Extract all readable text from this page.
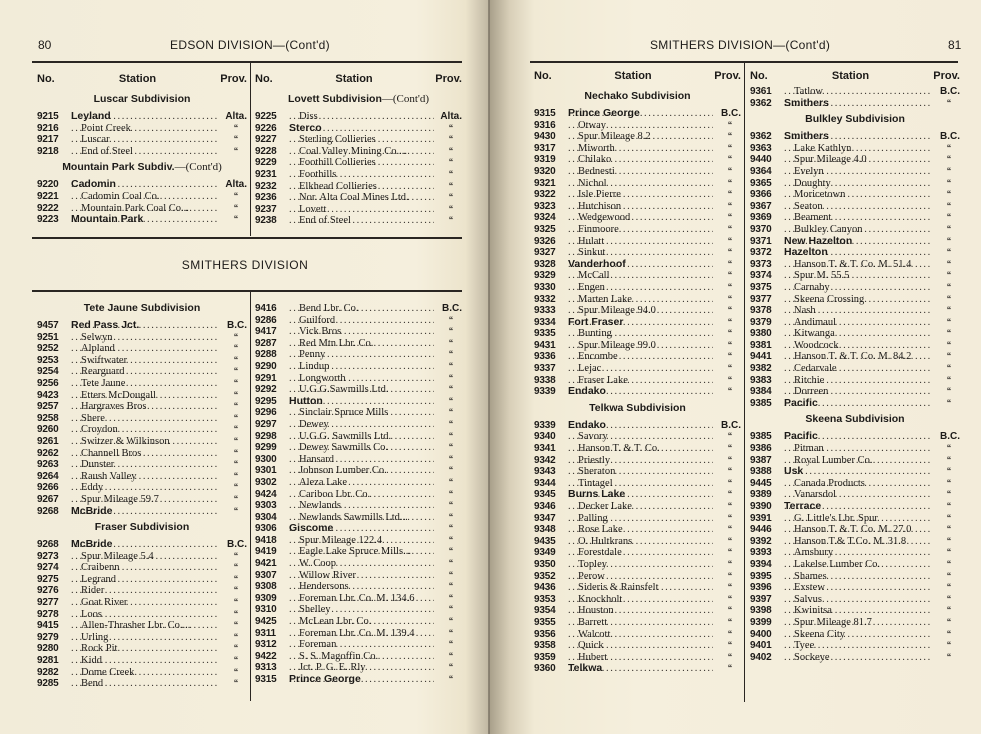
80	EDSON DIVISION—(Cont'd)
No.	Station	Prov.
Luscar Subdivision
9215	Leyland .....	Alta.
9216	Point Creek .....	“
9217	Luscar .....	“
9218	End of Steel .....	“
Mountain Park Subdiv.—(Cont'd)
9220	Cadomin .....	Alta.
9221	Cadomin Coal Co. .....	“
9222	Mountain Park Coal Co... .....	“
9223	Mountain Park .....	“
No.	Station	Prov.
Lovett Subdivision—(Cont'd)
9225	Diss .....	Alta.
9226	Sterco .....	“
9227	Sterling Collieries .....	“
9228	Coal Valley Mining Co.... .....	“
9229	Foothill Collieries .....	“
9231	Foothills .....	“
9232	Elkhead Collieries .....	“
9236	Nor. Alta Coal Mines Ltd. .....	“
9237	Lovett .....	“
9238	End of Steel .....	“
SMITHERS DIVISION
Tete Jaune Subdivision
9457	Red Pass Jct. .....	B.C.
9251	Selwyn .....	“
9252	Alpland .....	“
9253	Swiftwater .....	“
9254	Rearguard .....	“
9256	Tete Jaune .....	“
9423	Etters McDougall .....	“
9257	Hargraves Bros .....	“
9258	Shere .....	“
9260	Croydon .....	“
9261	Switzer & Wilkinson .....	“
9262	Channell Bros .....	“
9263	Dunster .....	“
9264	Raush Valley .....	“
9266	Eddy .....	“
9267	Spur Mileage 59.7 .....	“
9268	McBride .....	“
Fraser Subdivision
9268	McBride .....	B.C.
9273	Spur Mileage 5.4 .....	“
9274	Craibenn .....	“
9275	Legrand .....	“
9276	Rider .....	“
9277	Goat River .....	“
9278	Loos .....	“
9415	Allen-Thrasher Lbr. Co.... .....	“
9279	Urling .....	“
9280	Rock Pit .....	“
9281	Kidd .....	“
9282	Dome Creek .....	“
9285	Bend .....	“
9416	Bend Lbr. Co. .....	B.C.
9286	Guilford .....	“
9417	Vick Bros .....	“
9287	Red Mtn Lbr. Co. .....	“
9288	Penny .....	“
9290	Lindup .....	“
9291	Longworth .....	“
9292	U.G.G.Sawmills Ltd. .....	“
9295	Hutton .....	“
9296	Sinclair Spruce Mills .....	“
9297	Dewey .....	“
9298	U.G.G. Sawmills Ltd. .....	“
9299	Dewey Sawmills Co. .....	“
9300	Hansard .....	“
9301	Johnson Lumber Co. .....	“
9302	Aleza Lake .....	“
9424	Cariboo Lbr. Co. .....	“
9303	Newlands .....	“
9304	Newlands Sawmills Ltd... .....	“
9306	Giscome .....	“
9418	Spur Mileage 122.4 .....	“
9419	Eagle Lake Spruce Mills... .....	“
9421	W. Coop .....	“
9307	Willow River .....	“
9308	Hendersons .....	“
9309	Foreman Lbr. Co. M. 134.6 .....	“
9310	Shelley .....	“
9425	McLean Lbr. Co. .....	“
9311	Foreman Lbr. Co. M. 139.4 .....	“
9312	Foreman .....	“
9422	S. S. Magoffin Co. .....	“
9313	Jct. P. G. E. Rly .....	“
9315	Prince George .....	“
SMITHERS DIVISION—(Cont'd)	81
No.	Station	Prov.
Nechako Subdivision
9315	Prince George .....	B.C.
9316	Otway .....	“
9430	Spur Mileage 8.2 .....	“
9317	Miworth .....	“
9319	Chilako .....	“
9320	Bednesti .....	“
9321	Nichol .....	“
9322	Isle Pierre .....	“
9323	Hutchison .....	“
9324	Wedgewood .....	“
9325	Finmoore .....	“
9326	Hulatt .....	“
9327	Sinkut .....	“
9328	Vanderhoof .....	“
9329	McCall .....	“
9330	Engen .....	“
9332	Marten Lake .....	“
9333	Spur Mileage 94.0 .....	“
9334	Fort Fraser .....	“
9335	Bunting .....	“
9431	Spur Mileage 99.0 .....	“
9336	Encombe .....	“
9337	Lejac .....	“
9338	Fraser Lake .....	“
9339	Endako .....	“
Telkwa Subdivision
9339	Endako .....	B.C.
9340	Savory .....	“
9341	Hanson T. & T. Co. .....	“
9342	Priestly .....	“
9343	Sheraton .....	“
9344	Tintagel .....	“
9345	Burns Lake .....	“
9346	Decker Lake .....	“
9347	Palling .....	“
9348	Rose Lake .....	“
9435	O. Hultkrans .....	“
9349	Forestdale .....	“
9350	Topley .....	“
9352	Perow .....	“
9436	Sideris & Rainsfelt .....	“
9353	Knockholt .....	“
9354	Houston .....	“
9355	Barrett .....	“
9356	Walcott .....	“
9358	Quick .....	“
9359	Hubert .....	“
9360	Telkwa .....	“
No.	Station	Prov.
9361	Tatlow .....	B.C.
9362	Smithers .....	“
Bulkley Subdivision
9362	Smithers .....	B.C.
9363	Lake Kathlyn .....	“
9440	Spur Mileage 4.0 .....	“
9364	Evelyn .....	“
9365	Doughty .....	“
9366	Moricetown .....	“
9367	Seaton .....	“
9369	Beament .....	“
9370	Bulkley Canyon .....	“
9371	New Hazelton .....	“
9372	Hazelton .....	“
9373	Hanson T. & T. Co. M. 51.4 .....	“
9374	Spur M. 55.5 .....	“
9375	Carnaby .....	“
9377	Skeena Crossing .....	“
9378	Nash .....	“
9379	Andimaul .....	“
9380	Kitwanga .....	“
9381	Woodcock .....	“
9441	Hanson T. & T. Co. M. 84.2 .....	“
9382	Cedarvale .....	“
9383	Ritchie .....	“
9384	Dorreen .....	“
9385	Pacific .....	“
Skeena Subdivision
9385	Pacific .....	B.C.
9386	Pitman .....	“
9387	Royal Lumber Co. .....	“
9388	Usk .....	“
9445	Canada Products .....	“
9389	Vanarsdol .....	“
9390	Terrace .....	“
9391	G. Little's Lbr. Spur .....	“
9446	Hanson T. & T. Co. M. 27.0 .....	“
9392	Hanson T.& T.Co. M. 31.8 .....	“
9393	Amsbury .....	“
9394	Lakelse Lumber Co. .....	“
9395	Shames .....	“
9396	Exstew .....	“
9397	Salvus .....	“
9398	Kwinitsa .....	“
9399	Spur Mileage 81.7 .....	“
9400	Skeena City .....	“
9401	Tyee .....	“
9402	Sockeye .....	“
